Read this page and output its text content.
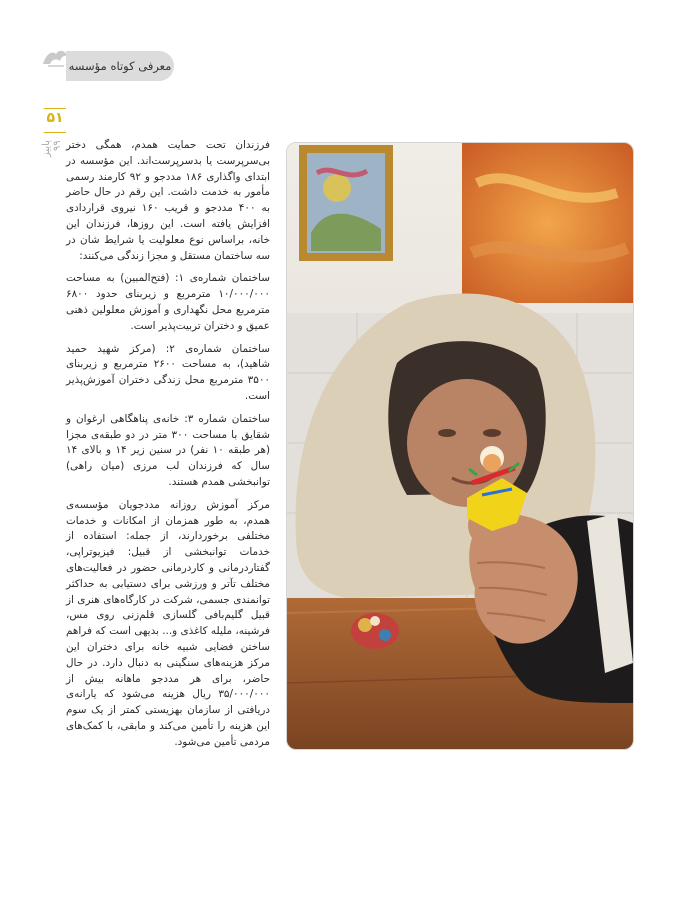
۵۱
پاییز ۹۹
معرفی کوتاه مؤسسه

فرزندان تحت حمایت همدم، همگی دختر بی‌سرپرست یا بدسرپرست‌اند. این مؤسسه در ابتدای واگذاری ۱۸۶ مددجو و ۹۲ کارمند رسمی مأمور به خدمت داشت. این رقم در حال حاضر به ۴۰۰ مددجو و قریب ۱۶۰ نیروی قراردادی افزایش یافته است. این روزها، فرزندان این خانه، براساس نوع معلولیت یا شرایط شان در سه ساختمان مستقل و مجزا زندگی می‌کنند:

ساختمان شماره‌ی ۱: (فتح‌المبین) به مساحت ۱۰/۰۰۰/۰۰۰ مترمربع و زیربنای حدود ۶۸۰۰ مترمربع محل نگهداری و آموزش معلولین ذهنی عمیق و دختران تربیت‌پذیر است.

ساختمان شماره‌ی ۲: (مرکز شهید حمید شاهید)، به مساحت ۲۶۰۰ مترمربع و زیربنای ۳۵۰۰ مترمربع محل زندگی دختران آموزش‌پذیر است.

ساختمان شماره ۳: خانه‌ی پناهگاهی ارغوان و شقایق با مساحت ۳۰۰ متر در دو طبقه‌ی مجزا (هر طبقه ۱۰ نفر) در سنین زیر ۱۴ و بالای ۱۴ سال که فرزندان لب مرزی (میان راهی) توانبخشی همدم هستند.

مرکز آموزش روزانه مددجویان مؤسسه‌ی همدم، به طور همزمان از امکانات و خدمات مختلفی برخوردارند، از جمله: استفاده از خدمات توانبخشی از قبیل: فیزیوتراپی، گفتاردرمانی و کاردرمانی حضور در فعالیت‌های مختلف تآتر و ورزشی برای دستیابی به حداکثر توانمندی جسمی، شرکت در کارگاه‌های هنری از قبیل گلیم‌بافی گلسازی قلم‌زنی روی مس، فرشینه، ملیله کاغذی و... بدیهی است که فراهم ساختن فضایی شبیه خانه برای دختران این مرکز هزینه‌های سنگینی به دنبال دارد. در حال حاضر، برای هر مددجو ماهانه بیش از ۳۵/۰۰۰/۰۰۰ ریال هزینه می‌شود که یارانه‌ی دریافتی از سازمان بهزیستی کمتر از یک سوم این هزینه را تأمین می‌کند و مابقی، با کمک‌های مردمی تأمین می‌شود.
